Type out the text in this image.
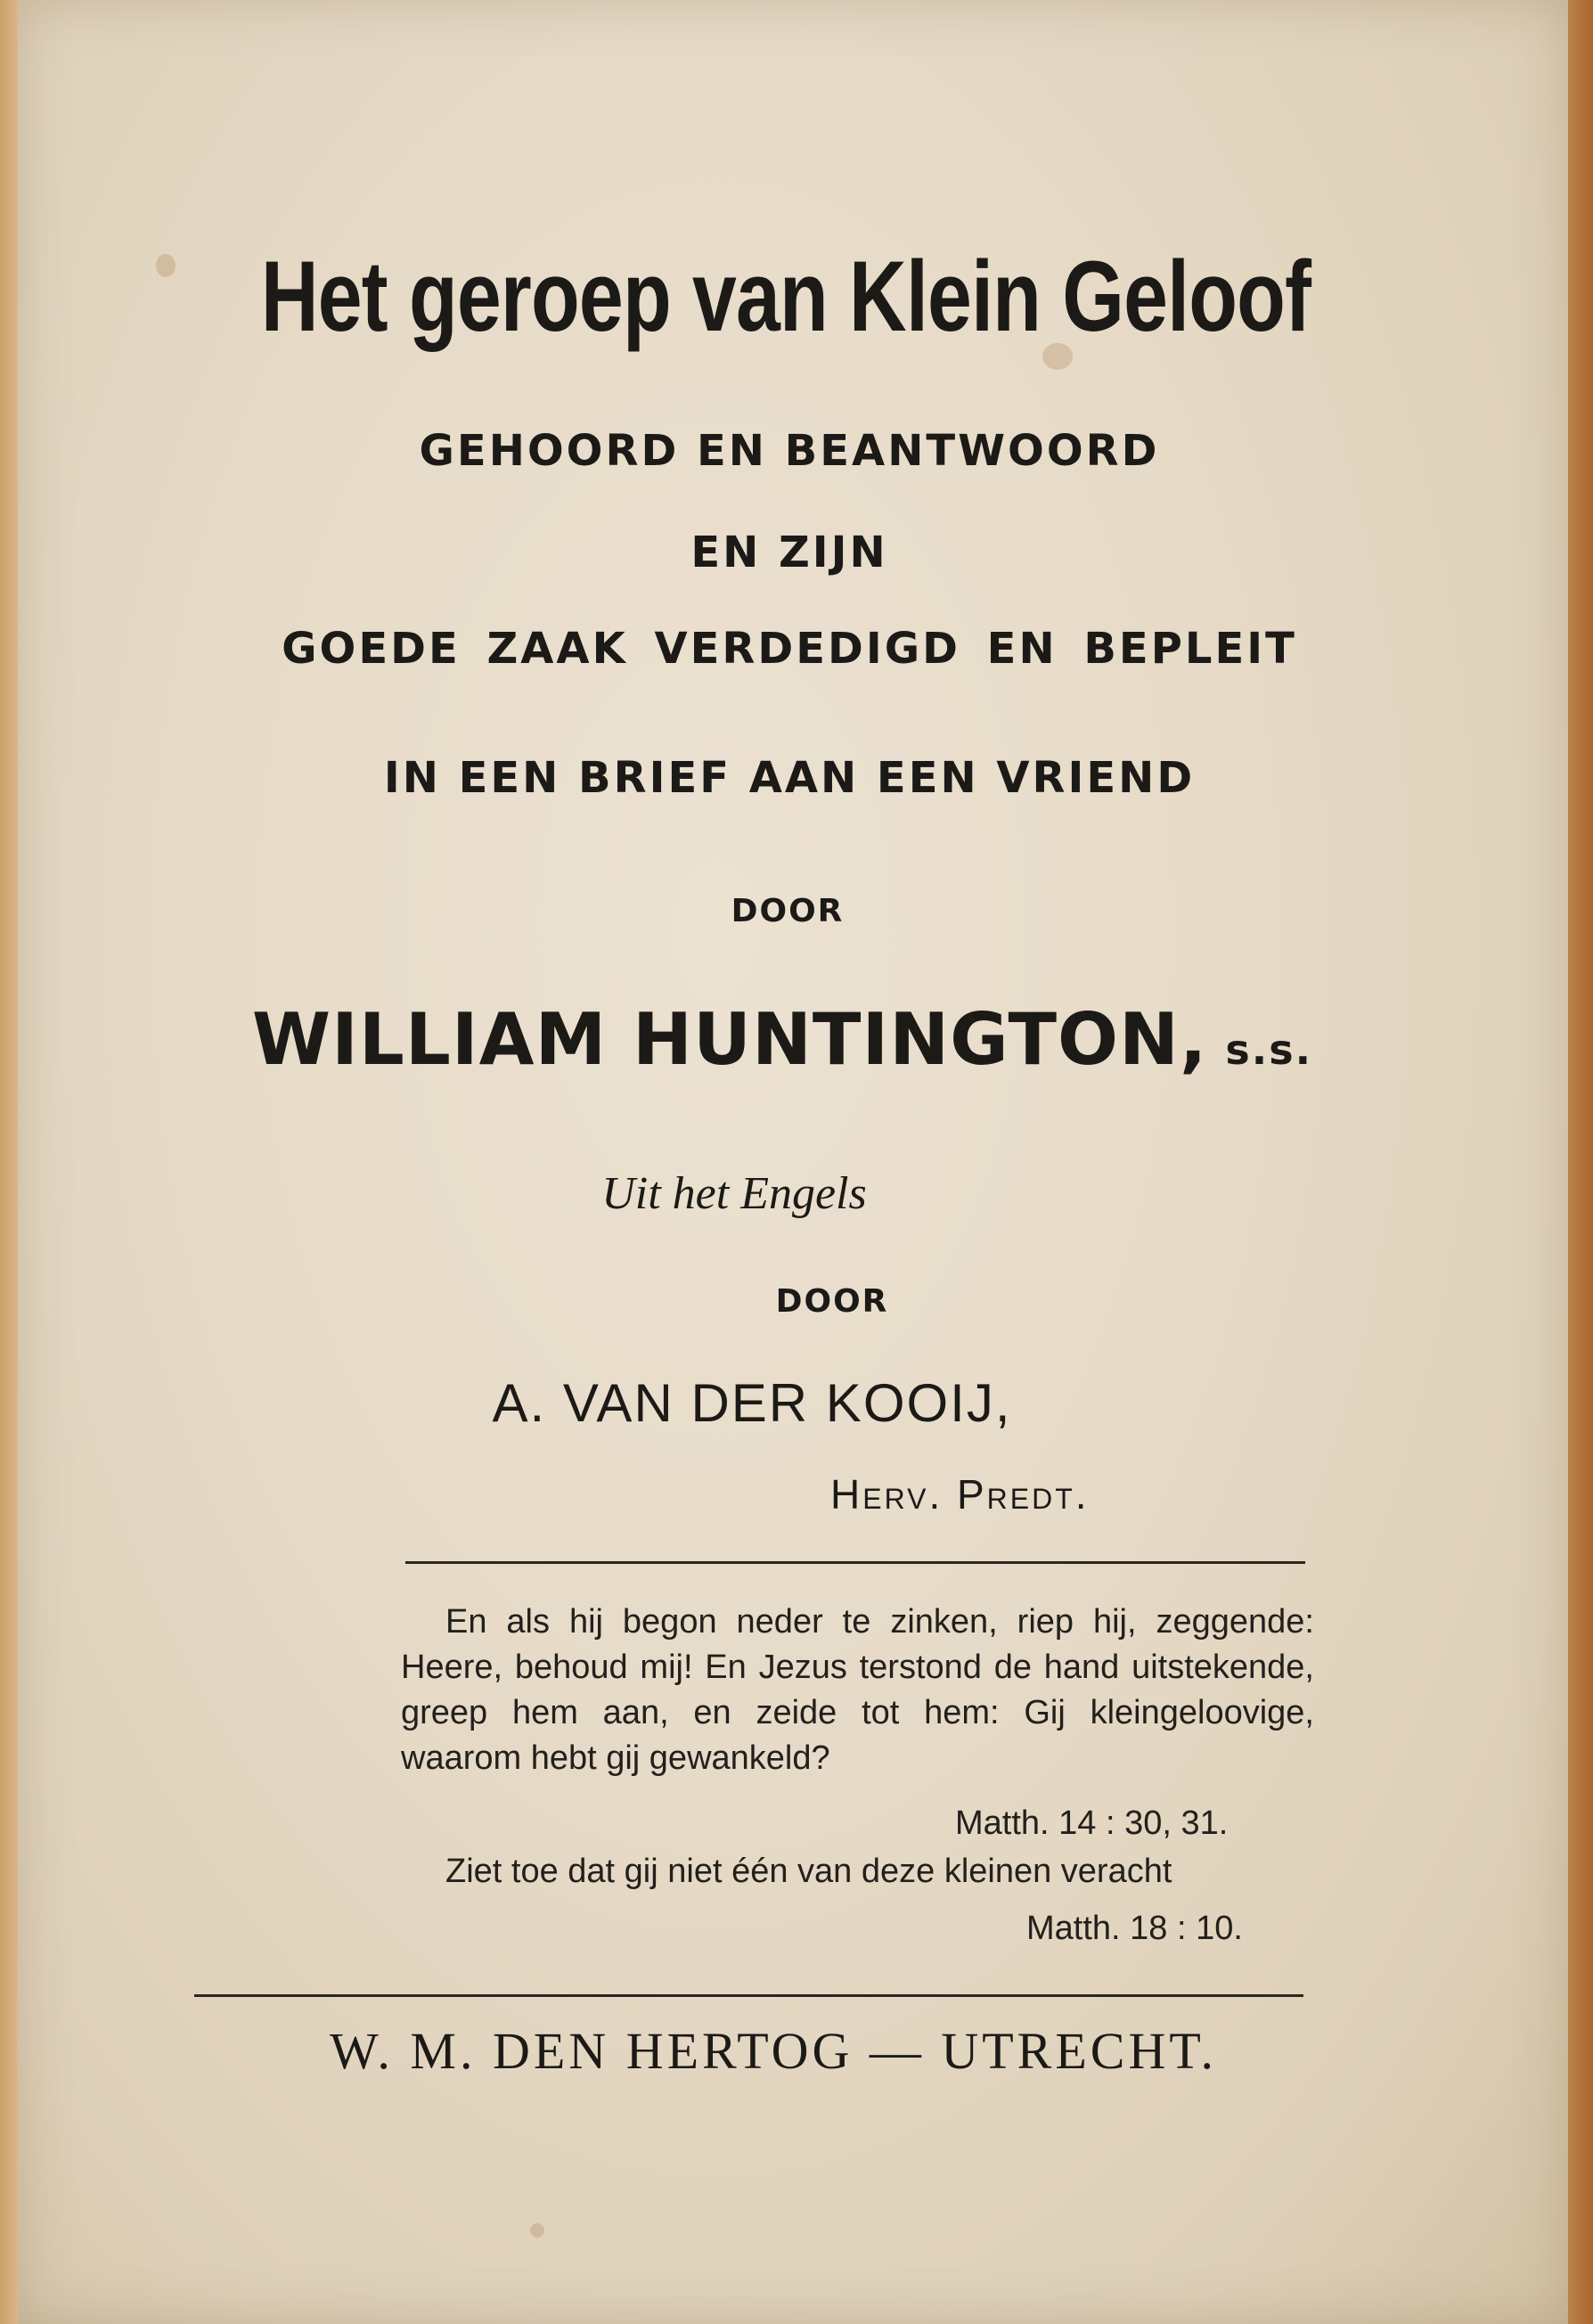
Het geroep van Klein Geloof
GEHOORD EN BEANTWOORD
EN ZIJN
GOEDE ZAAK VERDEDIGD EN BEPLEIT
IN EEN BRIEF AAN EEN VRIEND
DOOR
WILLIAM HUNTINGTON, s.s.
Uit het Engels
DOOR
A. VAN DER KOOIJ,
Herv. Predt.

En als hij begon neder te zinken, riep hij, zeggende: Heere, behoud mij! En Jezus terstond de hand uitstekende, greep hem aan, en zeide tot hem: Gij kleingeloovige, waarom hebt gij gewankeld?

Matth. 14 : 30, 31.

Ziet toe dat gij niet één van deze kleinen veracht

Matth. 18 : 10.
W. M. DEN HERTOG — UTRECHT.
